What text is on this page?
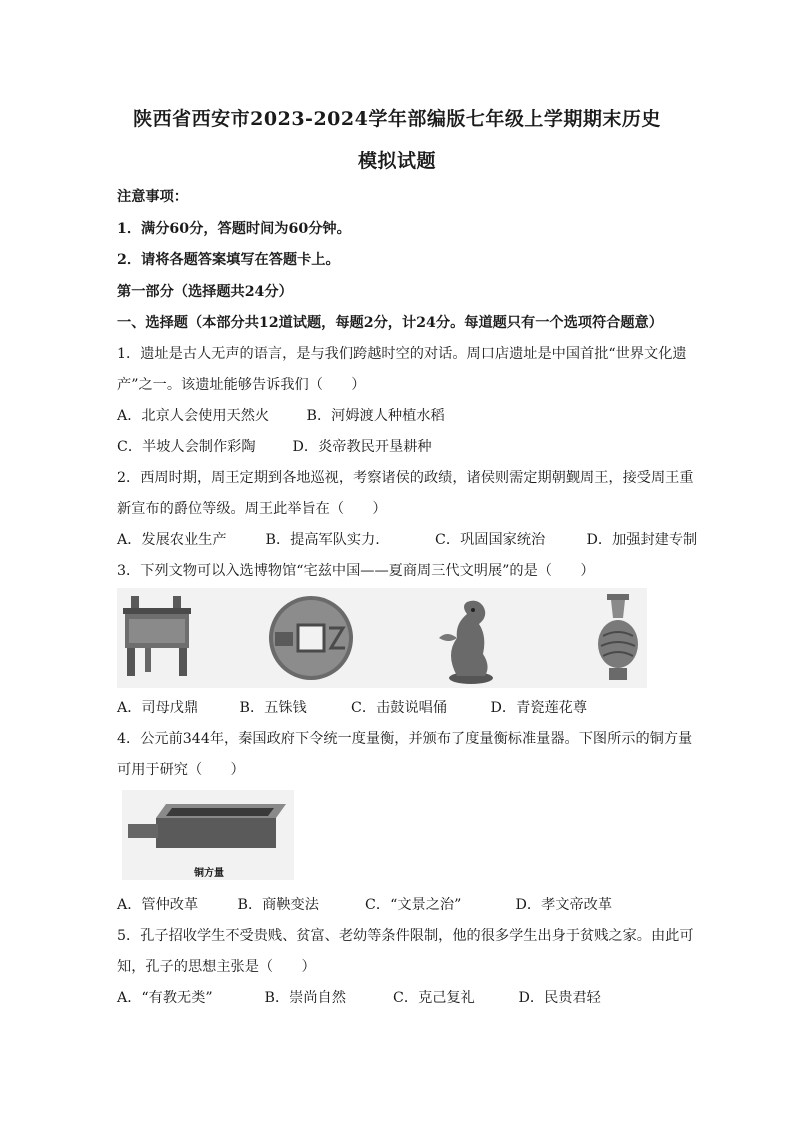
陕西省西安市2023-2024学年部编版七年级上学期期末历史
模拟试题
注意事项：
1．满分60分，答题时间为60分钟。
2．请将各题答案填写在答题卡上。
第一部分（选择题共24分）
一、选择题（本部分共12道试题，每题2分，计24分。每道题只有一个选项符合题意）
1．遗址是古人无声的语言，是与我们跨越时空的对话。周口店遗址是中国首批“世界文化遗
产”之一。该遗址能够告诉我们（　　）
A．北京人会使用天然火	B．河姆渡人种植水稻
C．半坡人会制作彩陶	D．炎帝教民开垦耕种
2．西周时期，周王定期到各地巡视，考察诸侯的政绩，诸侯则需定期朝觐周王，接受周王重
新宣布的爵位等级。周王此举旨在（　　）
A．发展农业生产	B．提高军队实力.	C．巩固国家统治	D．加强封建专制
3．下列文物可以入选博物馆“宅兹中国——夏商周三代文明展”的是（　　）
A．司母戊鼎	B．五铢钱	C．击鼓说唱俑	D．青瓷莲花尊
4．公元前344年，秦国政府下令统一度量衡，并颁布了度量衡标准量器。下图所示的铜方量
可用于研究（　　）
铜方量
A．管仲改革	B．商鞅变法	C．“文景之治”	D．孝文帝改革
5．孔子招收学生不受贵贱、贫富、老幼等条件限制，他的很多学生出身于贫贱之家。由此可
知，孔子的思想主张是（　　）
A．“有教无类”	B．崇尚自然	C．克己复礼	D．民贵君轻
